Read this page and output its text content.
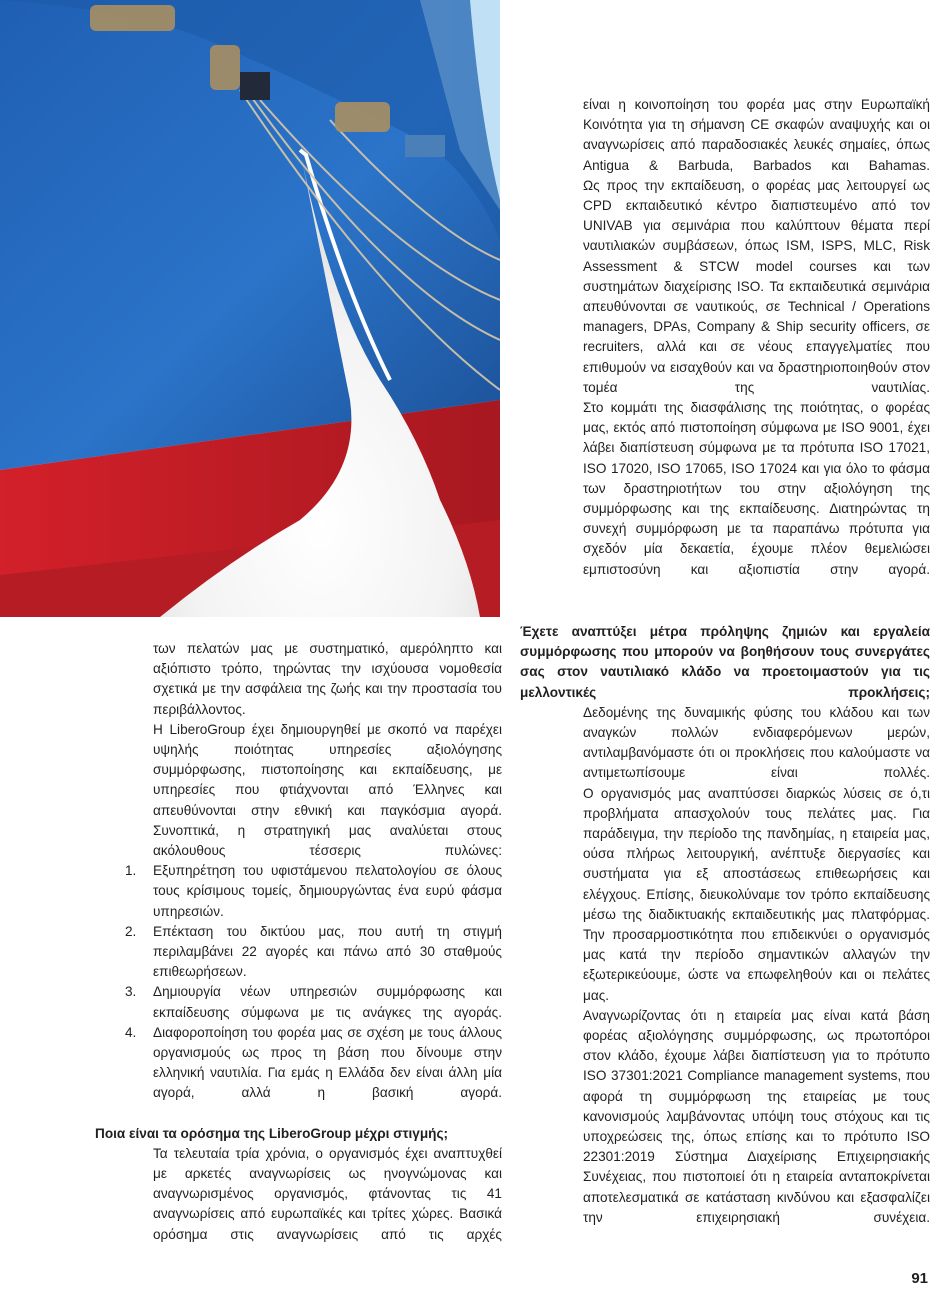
είναι η κοινοποίηση του φορέα μας στην Ευρωπαϊκή Κοινότητα για τη σήμανση CE σκαφών αναψυχής και οι αναγνωρίσεις από παραδοσιακές λευκές σημαίες, όπως Antigua & Barbuda, Barbados και Bahamas.

Ως προς την εκπαίδευση, ο φορέας μας λειτουργεί ως CPD εκπαιδευτικό κέντρο διαπιστευμένο από τον UNIVAB για σεμινάρια που καλύπτουν θέματα περί ναυτιλιακών συμβάσεων, όπως ISM, ISPS, MLC, Risk Assessment & STCW model courses και των συστημάτων διαχείρισης ISO. Τα εκπαιδευτικά σεμινάρια απευθύνονται σε ναυτικούς, σε Technical / Operations managers, DPAs, Company & Ship security officers, σε recruiters, αλλά και σε νέους επαγγελματίες που επιθυμούν να εισαχθούν και να δραστηριοποιηθούν στον τομέα της ναυτιλίας.

Στο κομμάτι της διασφάλισης της ποιότητας, ο φορέας μας, εκτός από πιστοποίηση σύμφωνα με ISO 9001, έχει λάβει διαπίστευση σύμφωνα με τα πρότυπα ISO 17021, ISO 17020, ISO 17065, ISO 17024 και για όλο το φάσμα των δραστηριοτήτων του στην αξιολόγηση της συμμόρφωσης και της εκπαίδευσης. Διατηρώντας τη συνεχή συμμόρφωση με τα παραπάνω πρότυπα για σχεδόν μία δεκαετία, έχουμε πλέον θεμελιώσει εμπιστοσύνη και αξιοπιστία στην αγορά.

Έχετε αναπτύξει μέτρα πρόληψης ζημιών και εργαλεία συμμόρφωσης που μπορούν να βοηθήσουν τους συνεργάτες σας στον ναυτιλιακό κλάδο να προετοιμαστούν για τις μελλοντικές προκλήσεις;

Δεδομένης της δυναμικής φύσης του κλάδου και των αναγκών πολλών ενδιαφερόμενων μερών, αντιλαμβανόμαστε ότι οι προκλήσεις που καλούμαστε να αντιμετωπίσουμε είναι πολλές.

Ο οργανισμός μας αναπτύσσει διαρκώς λύσεις σε ό,τι προβλήματα απασχολούν τους πελάτες μας. Για παράδειγμα, την περίοδο της πανδημίας, η εταιρεία μας, ούσα πλήρως λειτουργική, ανέπτυξε διεργασίες και συστήματα για εξ αποστάσεως επιθεωρήσεις και ελέγχους. Επίσης, διευκολύναμε τον τρόπο εκπαίδευσης μέσω της διαδικτυακής εκπαιδευτικής μας πλατφόρμας.

Την προσαρμοστικότητα που επιδεικνύει ο οργανισμός μας κατά την περίοδο σημαντικών αλλαγών την εξωτερικεύουμε, ώστε να επωφεληθούν και οι πελάτες μας.

Αναγνωρίζοντας ότι η εταιρεία μας είναι κατά βάση φορέας αξιολόγησης συμμόρφωσης, ως πρωτοπόροι στον κλάδο, έχουμε λάβει διαπίστευση για το πρότυπο ISO 37301:2021 Compliance management systems, που αφορά τη συμμόρφωση της εταιρείας με τους κανονισμούς λαμβάνοντας υπόψη τους στόχους και τις υποχρεώσεις της, όπως επίσης και το πρότυπο ISO 22301:2019 Σύστημα Διαχείρισης Επιχειρησιακής Συνέχειας, που πιστοποιεί ότι η εταιρεία ανταποκρίνεται αποτελεσματικά σε κατάσταση κινδύνου και εξασφαλίζει την επιχειρησιακή συνέχεια.

των πελατών μας με συστηματικό, αμερόληπτο και αξιόπιστο τρόπο, τηρώντας την ισχύουσα νομοθεσία σχετικά με την ασφάλεια της ζωής και την προστασία του περιβάλλοντος.

Η LiberoGroup έχει δημιουργηθεί με σκοπό να παρέχει υψηλής ποιότητας υπηρεσίες αξιολόγησης συμμόρφωσης, πιστοποίησης και εκπαίδευσης, με υπηρεσίες που φτιάχνονται από Έλληνες και απευθύνονται στην εθνική και παγκόσμια αγορά.

Συνοπτικά, η στρατηγική μας αναλύεται στους ακόλουθους τέσσερις πυλώνες:

1. Εξυπηρέτηση του υφιστάμενου πελατολογίου σε όλους τους κρίσιμους τομείς, δημιουργώντας ένα ευρύ φάσμα υπηρεσιών.

2. Επέκταση του δικτύου μας, που αυτή τη στιγμή περιλαμβάνει 22 αγορές και πάνω από 30 σταθμούς επιθεωρήσεων.

3. Δημιουργία νέων υπηρεσιών συμμόρφωσης και εκπαίδευσης σύμφωνα με τις ανάγκες της αγοράς.

4. Διαφοροποίηση του φορέα μας σε σχέση με τους άλλους οργανισμούς ως προς τη βάση που δίνουμε στην ελληνική ναυτιλία. Για εμάς η Ελλάδα δεν είναι άλλη μία αγορά, αλλά η βασική αγορά.

Ποια είναι τα ορόσημα της LiberoGroup μέχρι στιγμής;

Τα τελευταία τρία χρόνια, ο οργανισμός έχει αναπτυχθεί με αρκετές αναγνωρίσεις ως ηνογνώμονας και αναγνωρισμένος οργανισμός, φτάνοντας τις 41 αναγνωρίσεις από ευρωπαϊκές και τρίτες χώρες. Βασικά ορόσημα στις αναγνωρίσεις από τις αρχές

91
